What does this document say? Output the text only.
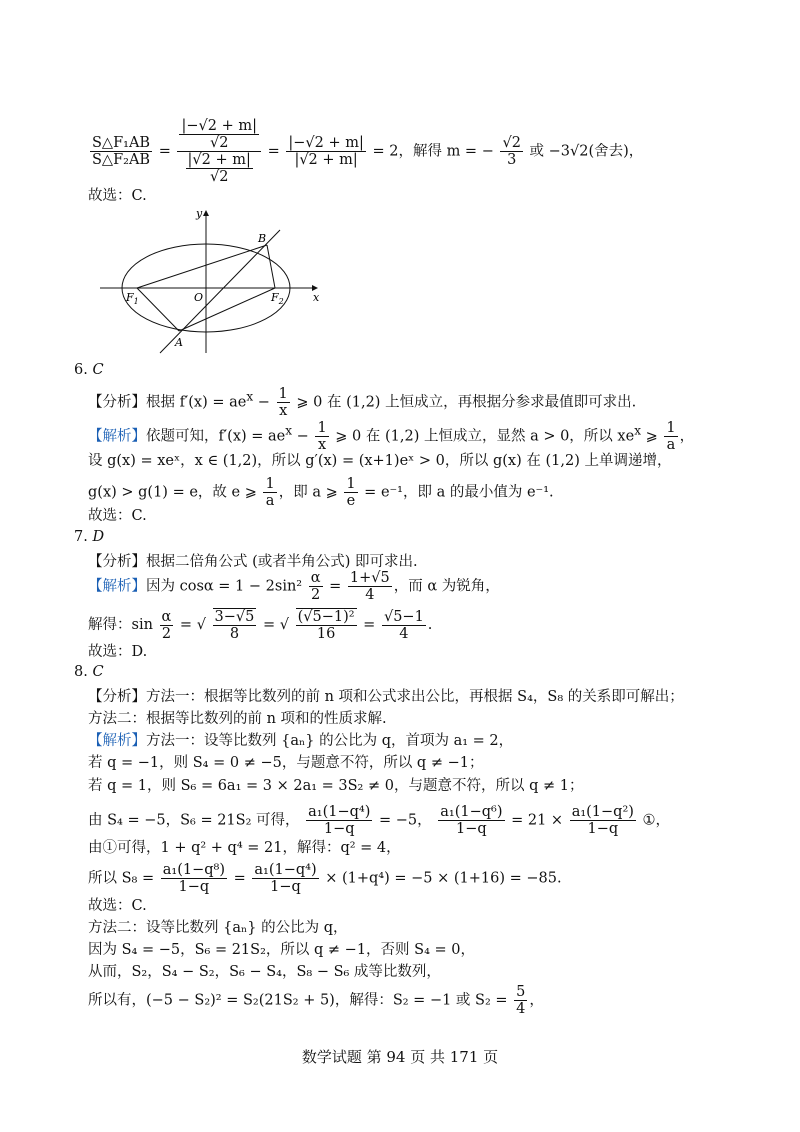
$\frac{\text{S△F₁AB}}{\text{S△F₂AB}} = \frac{\frac{|-√2 + m|}{√2}}{\frac{|√2 + m|}{√2}} = \frac{|-√2 + m|}{|√2 + m|} = 2$，解得 m = − $\frac{√2}{3}$ 或 −3√2(舍去)，
故选：C.
y
x
O
B
A
$F_1$	$F_2$
6. C
【分析】根据 $f'(x) = ae^x - \frac{1}{x}$ ⩾ 0 在 (1,2) 上恒成立，再根据分参求最值即可求出.
【解析】依题可知，$f'(x) = ae^x - \frac{1}{x}$ ⩾ 0 在 (1,2) 上恒成立，显然 a > 0，所以 $xe^x$ ⩾ $\frac{1}{a}$ ，
设 g(x) = xeˣ，x ∈ (1,2)，所以 g′(x) = (x+1)eˣ > 0，所以 g(x) 在 (1,2) 上单调递增，
g(x) > g(1) = e，故 e ⩾ $\frac{1}{a}$ ，即 a ⩾ $\frac{1}{e} = e^{-1}$，即 a 的最小值为 e⁻¹.
故选：C.
7. D
【分析】根据二倍角公式 (或者半角公式) 即可求出.
【解析】因为 $\cos\alpha = 1 - 2\sin^2 \frac{\alpha}{2} = \frac{1+√5}{4}$ ，而 α 为锐角，
解得：$\sin \frac{\alpha}{2}$ = √ $\frac{3-√5}{8}$ = √ $\frac{\text{(√5−1)²}}{16} = \frac{√5-1}{4}$ .
故选：D.
8. C
【分析】方法一：根据等比数列的前 n 项和公式求出公比，再根据 S₄，S₈ 的关系即可解出；
方法二：根据等比数列的前 n 项和的性质求解.
【解析】方法一：设等比数列 {aₙ} 的公比为 q，首项为 a₁ = 2，
若 q = −1，则 S₄ = 0 ≠ −5，与题意不符，所以 q ≠ −1；
若 q = 1，则 S₆ = 6a₁ = 3 × 2a₁ = 3S₂ ≠ 0，与题意不符，所以 q ≠ 1；
由 S₄ = −5，S₆ = 21S₂ 可得， $\frac{\text{a₁(1−q⁴)}}{1-q} = -5$， $\frac{\text{a₁(1−q⁶)}}{1-q} = 21 \times \frac{\text{a₁(1−q²)}}{1-q}$ ①，
由①可得，1 + q² + q⁴ = 21，解得：q² = 4，
所以 $S_8 = \frac{\text{a₁(1−q⁸)}}{1-q} = \frac{\text{a₁(1−q⁴)}}{1-q} \times (1+q^4) = -5 \times (1+16) = -85$.
故选：C.
方法二：设等比数列 {aₙ} 的公比为 q，
因为 S₄ = −5，S₆ = 21S₂，所以 q ≠ −1，否则 S₄ = 0，
从而，S₂，S₄ − S₂，S₆ − S₄，S₈ − S₆ 成等比数列，
所以有，(−5 − S₂)² = S₂(21S₂ + 5)，解得：S₂ = −1 或 $S_2 = \frac{5}{4}$ ，
数学试题 第 94 页 共 171 页
